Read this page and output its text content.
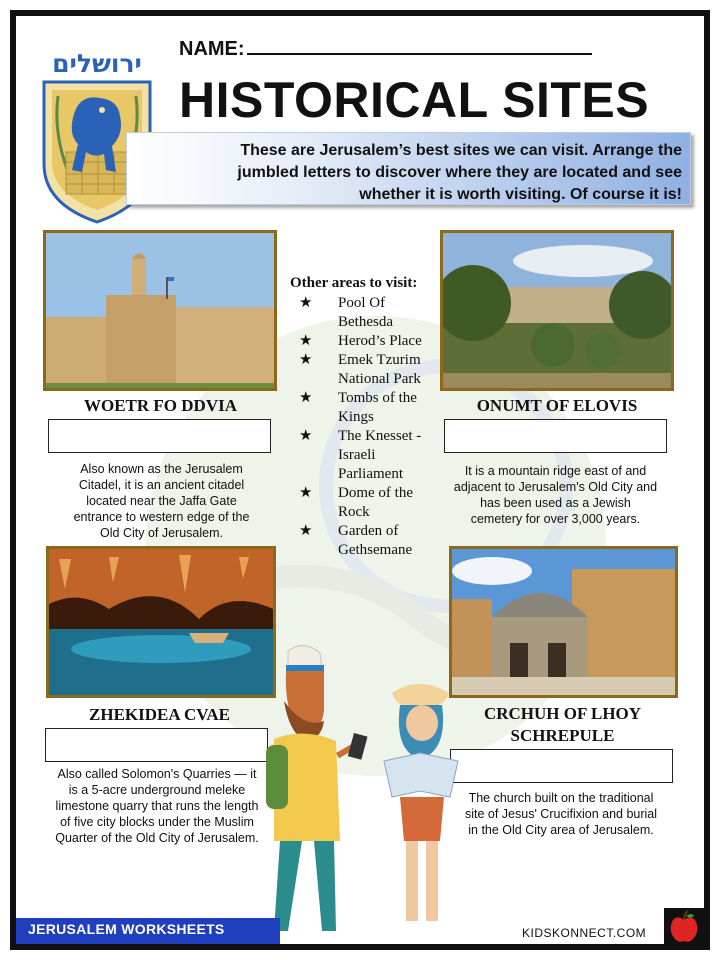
ירושלים NAME:
HISTORICAL SITES

These are Jerusalem’s best sites we can visit. Arrange the jumbled letters to discover where they are located and see whether it is worth visiting. Of course it is!

WOETR FO DDVIA
Also known as the Jerusalem Citadel, it is an ancient citadel located near the Jaffa Gate entrance to western edge of the Old City of Jerusalem.
ONUMT OF ELOVIS
It is a mountain ridge east of and adjacent to Jerusalem's Old City and has been used as a Jewish cemetery for over 3,000 years.
ZHEKIDEA CVAE
Also called Solomon's Quarries — it is a 5-acre underground meleke limestone quarry that runs the length of five city blocks under the Muslim Quarter of the Old City of Jerusalem.
CRCHUH OF LHOY SCHREPULE
The church built on the traditional site of Jesus' Crucifixion and burial in the Old City area of Jerusalem.
Other areas to visit:
★ Pool Of Bethesda
★ Herod’s Place
★ Emek Tzurim National Park
★ Tombs of the Kings
★ The Knesset - Israeli Parliament
★ Dome of the Rock
★ Garden of Gethsemane
JERUSALEM WORKSHEETS	KIDSKONNECT.COM
